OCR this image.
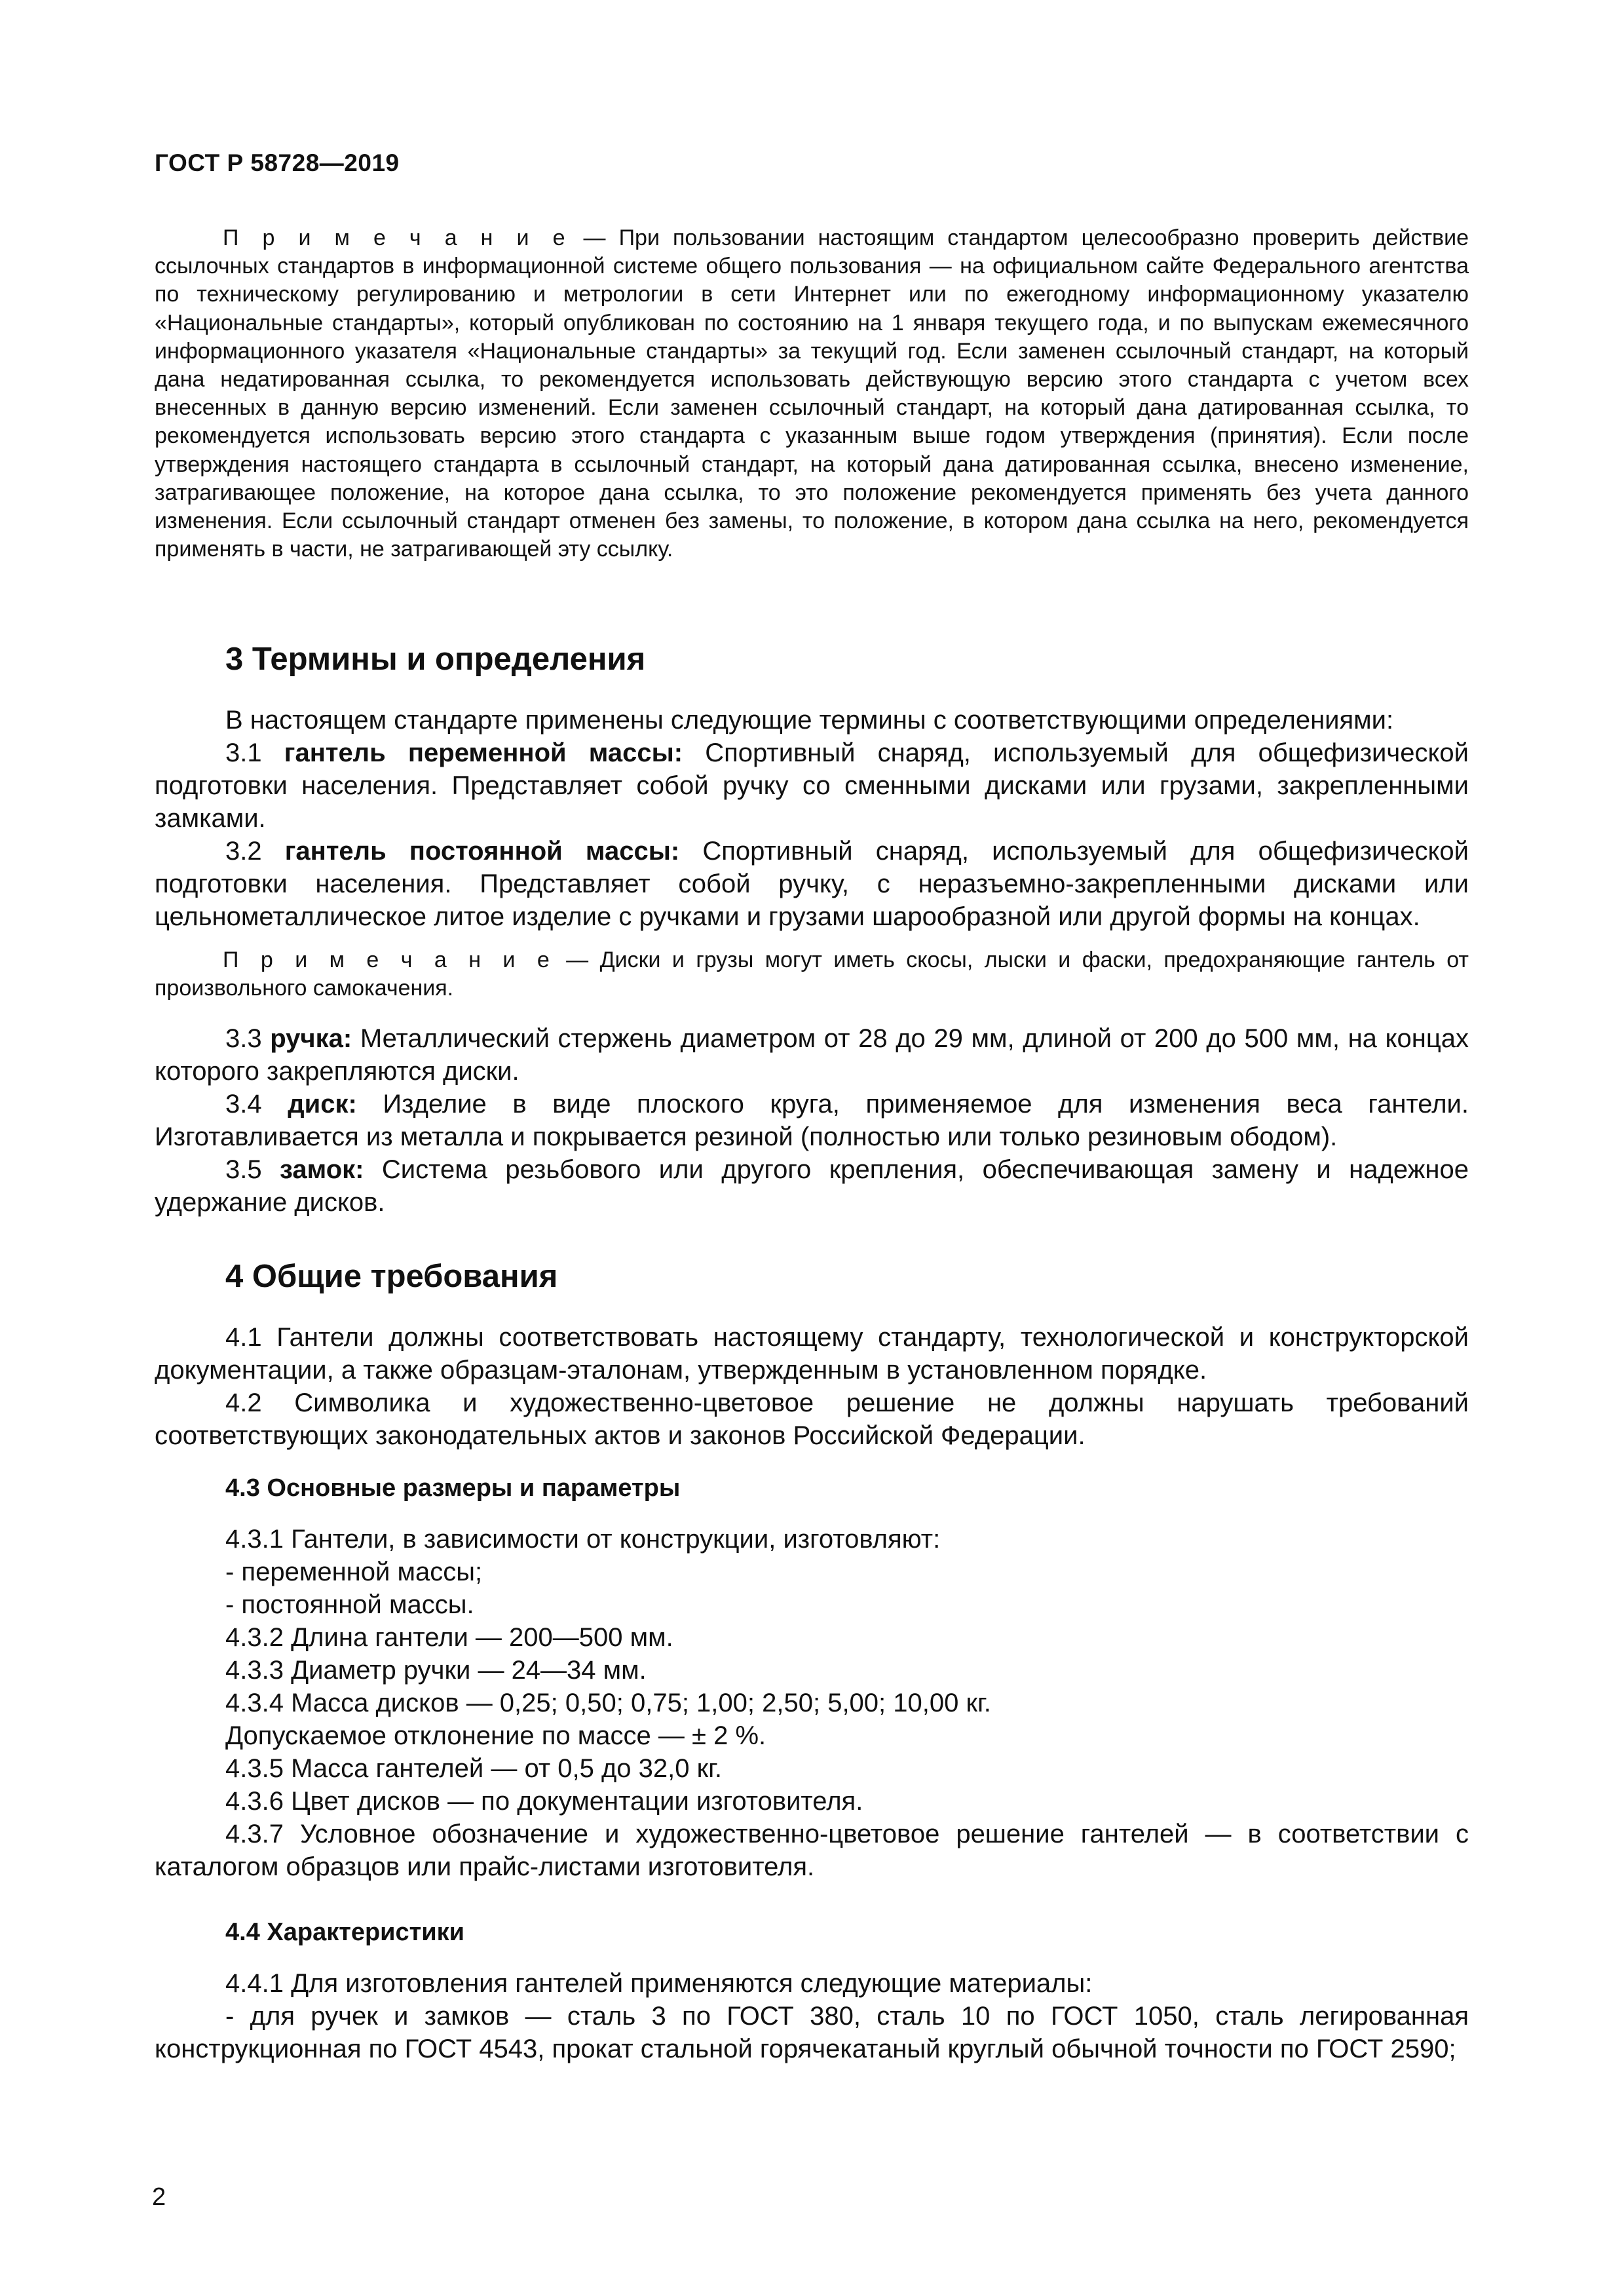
ГОСТ Р 58728—2019
П р и м е ч а н и е — При пользовании настоящим стандартом целесообразно проверить действие ссылочных стандартов в информационной системе общего пользования — на официальном сайте Федерального агентства по техническому регулированию и метрологии в сети Интернет или по ежегодному информационному указателю «Национальные стандарты», который опубликован по состоянию на 1 января текущего года, и по выпускам ежемесячного информационного указателя «Национальные стандарты» за текущий год. Если заменен ссылочный стандарт, на который дана недатированная ссылка, то рекомендуется использовать действующую версию этого стандарта с учетом всех внесенных в данную версию изменений. Если заменен ссылочный стандарт, на который дана датированная ссылка, то рекомендуется использовать версию этого стандарта с указанным выше годом утверждения (принятия). Если после утверждения настоящего стандарта в ссылочный стандарт, на который дана датированная ссылка, внесено изменение, затрагивающее положение, на которое дана ссылка, то это положение рекомендуется применять без учета данного изменения. Если ссылочный стандарт отменен без замены, то положение, в котором дана ссылка на него, рекомендуется применять в части, не затрагивающей эту ссылку.
3 Термины и определения
В настоящем стандарте применены следующие термины с соответствующими определениями:
3.1 гантель переменной массы: Спортивный снаряд, используемый для общефизической подготовки населения. Представляет собой ручку со сменными дисками или грузами, закрепленными замками.
3.2 гантель постоянной массы: Спортивный снаряд, используемый для общефизической подготовки населения. Представляет собой ручку, с неразъемно-закрепленными дисками или цельнометаллическое литое изделие с ручками и грузами шарообразной или другой формы на концах.
П р и м е ч а н и е — Диски и грузы могут иметь скосы, лыски и фаски, предохраняющие гантель от произвольного самокачения.
3.3 ручка: Металлический стержень диаметром от 28 до 29 мм, длиной от 200 до 500 мм, на концах которого закрепляются диски.
3.4 диск: Изделие в виде плоского круга, применяемое для изменения веса гантели. Изготавливается из металла и покрывается резиной (полностью или только резиновым ободом).
3.5 замок: Система резьбового или другого крепления, обеспечивающая замену и надежное удержание дисков.
4 Общие требования
4.1 Гантели должны соответствовать настоящему стандарту, технологической и конструкторской документации, а также образцам-эталонам, утвержденным в установленном порядке.
4.2 Символика и художественно-цветовое решение не должны нарушать требований соответствующих законодательных актов и законов Российской Федерации.
4.3 Основные размеры и параметры
4.3.1 Гантели, в зависимости от конструкции, изготовляют:
- переменной массы;
- постоянной массы.
4.3.2 Длина гантели — 200—500 мм.
4.3.3 Диаметр ручки — 24—34 мм.
4.3.4 Масса дисков — 0,25; 0,50; 0,75; 1,00; 2,50; 5,00; 10,00 кг.
Допускаемое отклонение по массе — ± 2 %.
4.3.5 Масса гантелей — от 0,5 до 32,0 кг.
4.3.6 Цвет дисков — по документации изготовителя.
4.3.7 Условное обозначение и художественно-цветовое решение гантелей — в соответствии с каталогом образцов или прайс-листами изготовителя.
4.4 Характеристики
4.4.1 Для изготовления гантелей применяются следующие материалы:
- для ручек и замков — сталь 3 по ГОСТ 380, сталь 10 по ГОСТ 1050, сталь легированная конструкционная по ГОСТ 4543, прокат стальной горячекатаный круглый обычной точности по ГОСТ 2590;
2
